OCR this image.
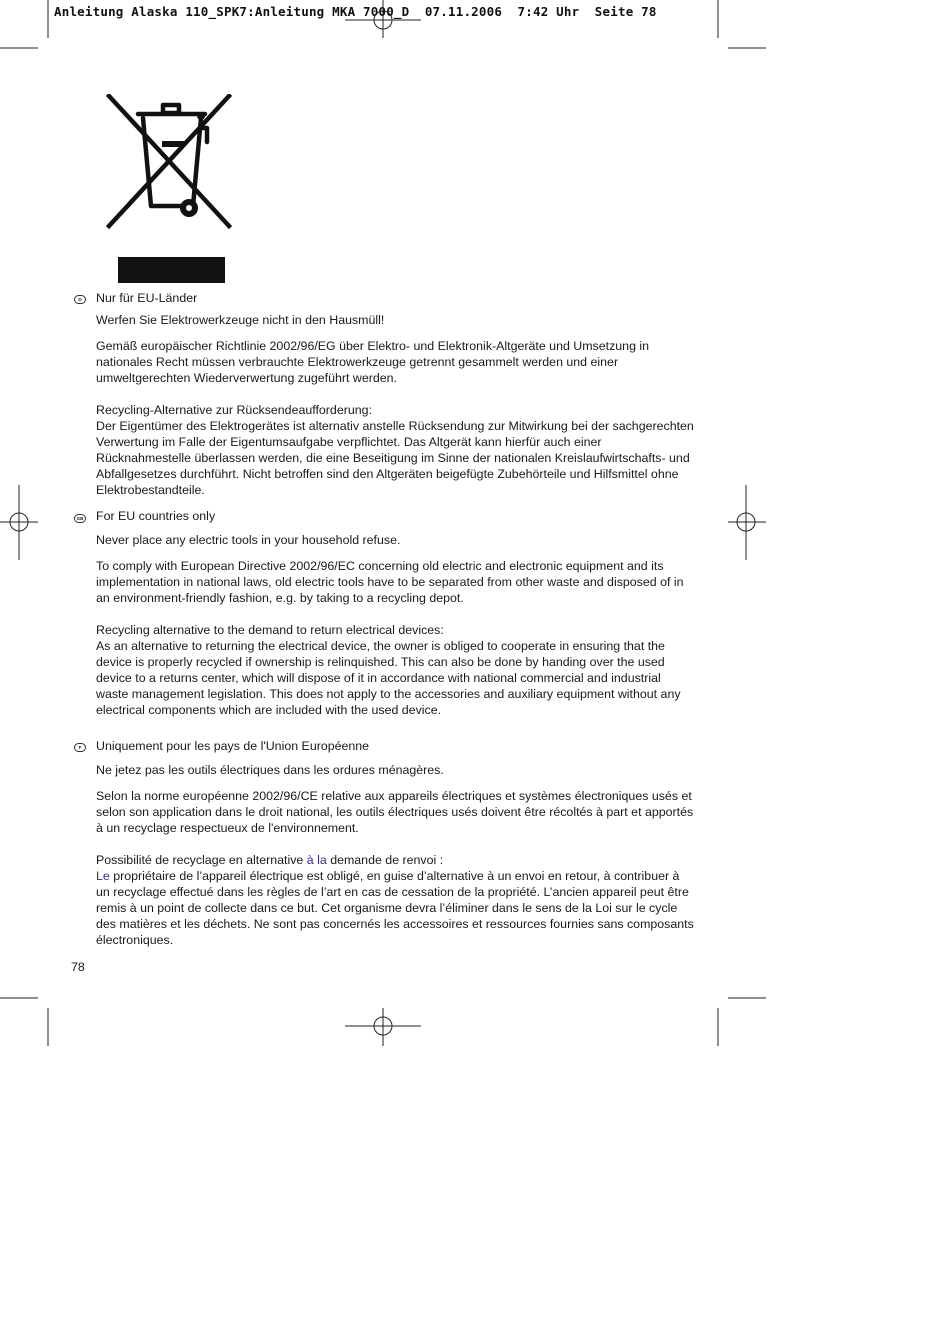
Anleitung Alaska 110_SPK7:Anleitung MKA 7000_D  07.11.2006  7:42 Uhr  Seite 78
D	Nur für EU-Länder

Werfen Sie Elektrowerkzeuge nicht in den Hausmüll!

Gemäß europäischer Richtlinie 2002/96/EG über Elektro- und Elektronik-Altgeräte und Umsetzung in nationales Recht müssen verbrauchte Elektrowerkzeuge getrennt gesammelt werden und einer umweltgerechten Wiederverwertung zugeführt werden.

Recycling-Alternative zur Rücksendeaufforderung:

Der Eigentümer des Elektrogerätes ist alternativ anstelle Rücksendung zur Mitwirkung bei der sachgerechten Verwertung im Falle der Eigentumsaufgabe verpflichtet. Das Altgerät kann hierfür auch einer Rücknahmestelle überlassen werden, die eine Beseitigung im Sinne der nationalen Kreislaufwirtschafts- und Abfallgesetzes durchführt. Nicht betroffen sind den Altgeräten beigefügte Zubehörteile und Hilfsmittel ohne Elektrobestandteile.

GB For EU countries only

Never place any electric tools in your household refuse.

To comply with European Directive 2002/96/EC concerning old electric and electronic equipment and its implementation in national laws, old electric tools have to be separated from other waste and disposed of in an environment-friendly fashion, e.g. by taking to a recycling depot.

Recycling alternative to the demand to return electrical devices:

As an alternative to returning the electrical device, the owner is obliged to cooperate in ensuring that the device is properly recycled if ownership is relinquished. This can also be done by handing over the used device to a returns center, which will dispose of it in accordance with national commercial and industrial waste management legislation. This does not apply to the accessories and auxiliary equipment without any electrical components which are included with the used device.

F	Uniquement pour les pays de l'Union Européenne

Ne jetez pas les outils électriques dans les ordures ménagères.

Selon la norme européenne 2002/96/CE relative aux appareils électriques et systèmes électroniques usés et selon son application dans le droit national, les outils électriques usés doivent être récoltés à part et apportés à un recyclage respectueux de l'environnement.

Possibilité de recyclage en alternative à la demande de renvoi :

Le propriétaire de l’appareil électrique est obligé, en guise d’alternative à un envoi en retour, à contribuer à un recyclage effectué dans les règles de l’art en cas de cessation de la propriété. L’ancien appareil peut être remis à un point de collecte dans ce but. Cet organisme devra l’éliminer dans le sens de la Loi sur le cycle des matières et les déchets. Ne sont pas concernés les accessoires et ressources fournies sans composants électroniques.

78
